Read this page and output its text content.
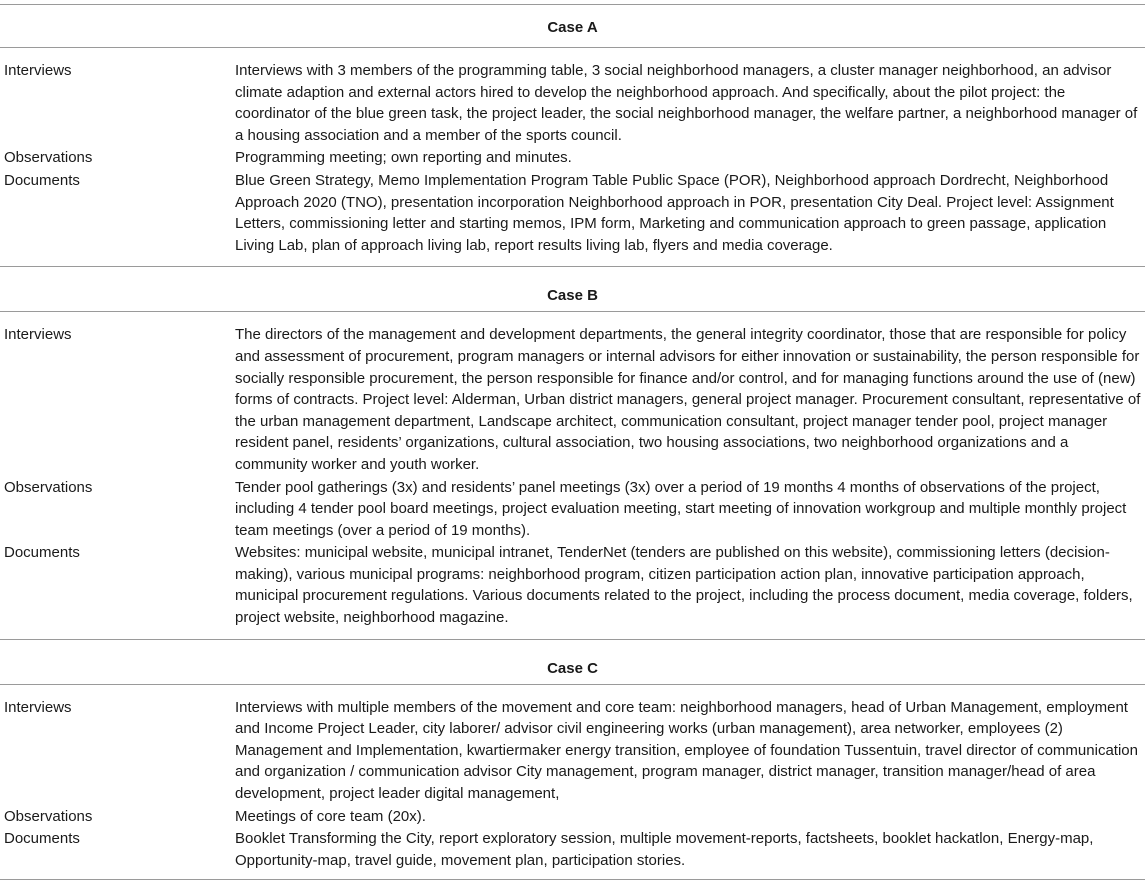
Case A	
Interviews	Interviews with 3 members of the programming table, 3 social neighborhood managers, a cluster manager neighborhood, an advisor climate adaption and external actors hired to develop the neighborhood approach. And specifically, about the pilot project: the coordinator of the blue green task, the project leader, the social neighborhood manager, the welfare partner, a neighborhood manager of a housing association and a member of the sports council.
Observations	Programming meeting; own reporting and minutes.
Documents	Blue Green Strategy, Memo Implementation Program Table Public Space (POR), Neighborhood approach Dordrecht, Neighborhood Approach 2020 (TNO), presentation incorporation Neighborhood approach in POR, presentation City Deal. Project level: Assignment Letters, commissioning letter and starting memos, IPM form, Marketing and communication approach to green passage, application Living Lab, plan of approach living lab, report results living lab, flyers and media coverage.
Case B	
Interviews	The directors of the management and development departments, the general integrity coordinator, those that are responsible for policy and assessment of procurement, program managers or internal advisors for either innovation or sustainability, the person responsible for socially responsible procurement, the person responsible for finance and/or control, and for managing functions around the use of (new) forms of contracts. Project level: Alderman, Urban district managers, general project manager. Procurement consultant, representative of the urban management department, Landscape architect, communication consultant, project manager tender pool, project manager resident panel, residents’ organizations, cultural association, two housing associations, two neighborhood organizations and a community worker and youth worker.
Observations	Tender pool gatherings (3x) and residents’ panel meetings (3x) over a period of 19 months 4 months of observations of the project, including 4 tender pool board meetings, project evaluation meeting, start meeting of innovation workgroup and multiple monthly project team meetings (over a period of 19 months).
Documents	Websites: municipal website, municipal intranet, TenderNet (tenders are published on this website), commissioning letters (decision-making), various municipal programs: neighborhood program, citizen participation action plan, innovative participation approach, municipal procurement regulations. Various documents related to the project, including the process document, media coverage, folders, project website, neighborhood magazine.
Case C	
Interviews	Interviews with multiple members of the movement and core team: neighborhood managers, head of Urban Management, employment and Income Project Leader, city laborer/ advisor civil engineering works (urban management), area networker, employees (2) Management and Implementation, kwartiermaker energy transition, employee of foundation Tussentuin, travel director of communication and organization / communication advisor City management, program manager, district manager, transition manager/head of area development, project leader digital management,
Observations	Meetings of core team (20x).
Documents	Booklet Transforming the City, report exploratory session, multiple movement-reports, factsheets, booklet hackatlon, Energy-map, Opportunity-map, travel guide, movement plan, participation stories.
